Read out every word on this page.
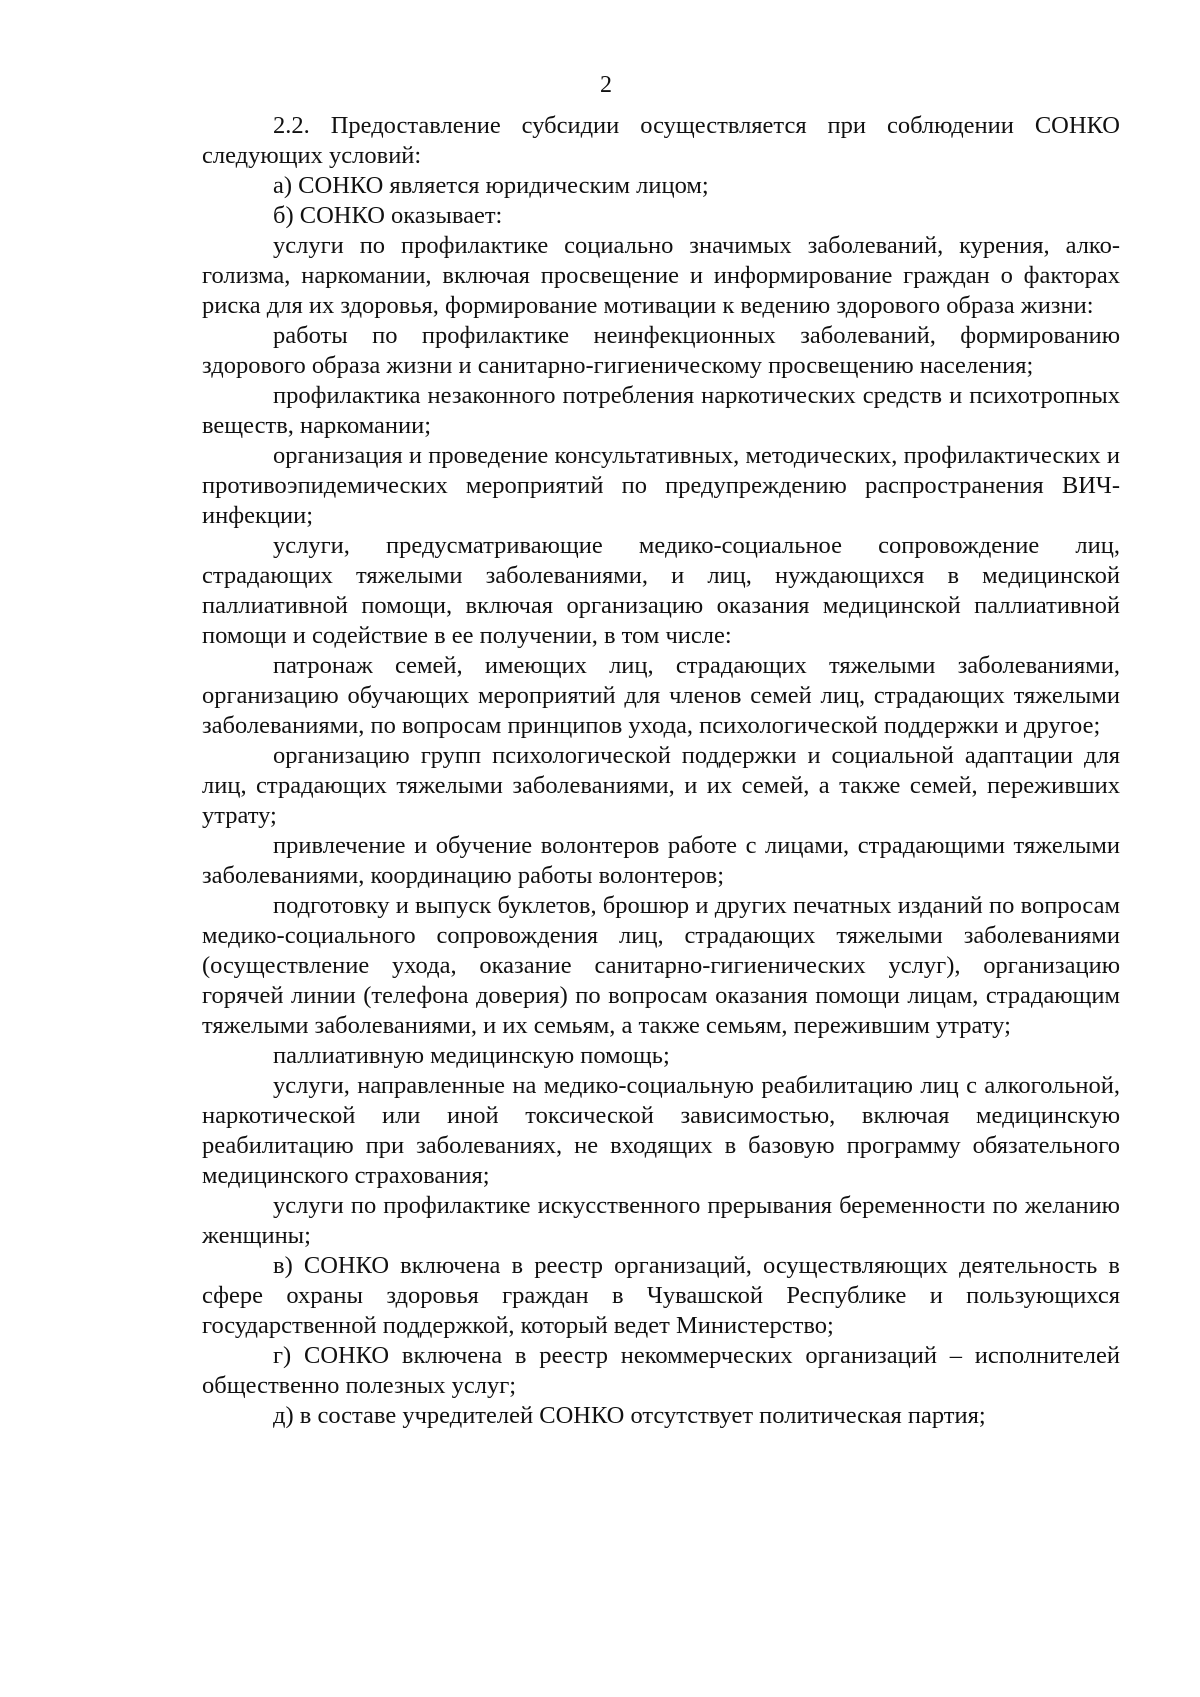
2

2.2. Предоставление субсидии осуществляется при соблюдении СОНКО следующих условий:

а) СОНКО является юридическим лицом;

б) СОНКО оказывает:

услуги по профилактике социально значимых заболеваний, курения, алкоголизма, наркомании, включая просвещение и информирование граждан о факторах риска для их здоровья, формирование мотивации к ведению здорового образа жизни:

работы по профилактике неинфекционных заболеваний, формированию здорового образа жизни и санитарно-гигиеническому просвещению населения;

профилактика незаконного потребления наркотических средств и психотропных веществ, наркомании;

организация и проведение консультативных, методических, профилактических и противоэпидемических мероприятий по предупреждению распространения ВИЧ-инфекции;

услуги, предусматривающие медико-социальное сопровождение лиц, страдающих тяжелыми заболеваниями, и лиц, нуждающихся в медицинской паллиативной помощи, включая организацию оказания медицинской паллиативной помощи и содействие в ее получении, в том числе:

патронаж семей, имеющих лиц, страдающих тяжелыми заболеваниями, организацию обучающих мероприятий для членов семей лиц, страдающих тяжелыми заболеваниями, по вопросам принципов ухода, психологической поддержки и другое;

организацию групп психологической поддержки и социальной адаптации для лиц, страдающих тяжелыми заболеваниями, и их семей, а также семей, переживших утрату;

привлечение и обучение волонтеров работе с лицами, страдающими тяжелыми заболеваниями, координацию работы волонтеров;

подготовку и выпуск буклетов, брошюр и других печатных изданий по вопросам медико-социального сопровождения лиц, страдающих тяжелыми заболеваниями (осуществление ухода, оказание санитарно-гигиенических услуг), организацию горячей линии (телефона доверия) по вопросам оказания помощи лицам, страдающим тяжелыми заболеваниями, и их семьям, а также семьям, пережившим утрату;

паллиативную медицинскую помощь;

услуги, направленные на медико-социальную реабилитацию лиц с алкогольной, наркотической или иной токсической зависимостью, включая медицинскую реабилитацию при заболеваниях, не входящих в базовую программу обязательного медицинского страхования;

услуги по профилактике искусственного прерывания беременности по желанию женщины;

в) СОНКО включена в реестр организаций, осуществляющих деятельность в сфере охраны здоровья граждан в Чувашской Республике и пользующихся государственной поддержкой, который ведет Министерство;

г) СОНКО включена в реестр некоммерческих организаций – исполнителей общественно полезных услуг;

д) в составе учредителей СОНКО отсутствует политическая партия;
